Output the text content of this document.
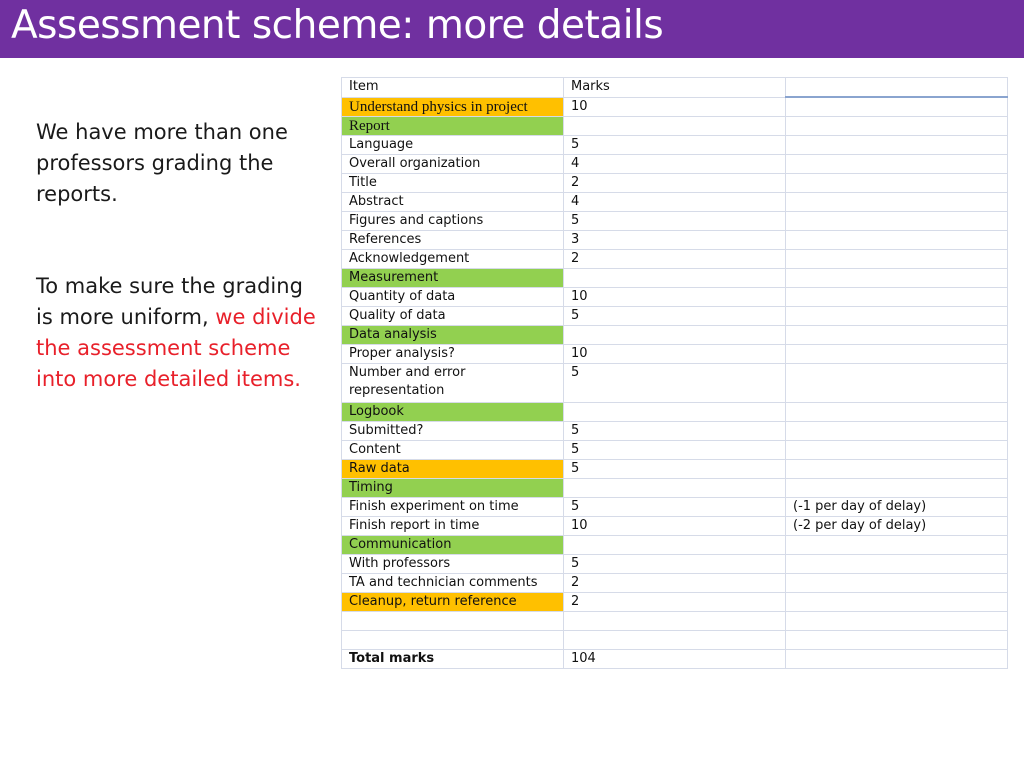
Assessment scheme: more details
We have more than one professors grading the reports.
To make sure the grading is more uniform, we divide the assessment scheme into more detailed items.
Item	Marks	
Understand physics in project	10	
Report		
Language	5	
Overall organization	4	
Title	2	
Abstract	4	
Figures and captions	5	
References	3	
Acknowledgement	2	
Measurement		
Quantity of data	10	
Quality of data	5	
Data analysis		
Proper analysis?	10	
Number and error representation	5	
Logbook		
Submitted?	5	
Content	5	
Raw data	5	
Timing		
Finish experiment on time	5	(-1 per day of delay)
Finish report in time	10	(-2 per day of delay)
Communication		
With professors	5	
TA and technician comments	2	
Cleanup, return reference	2	

Total marks	104	
